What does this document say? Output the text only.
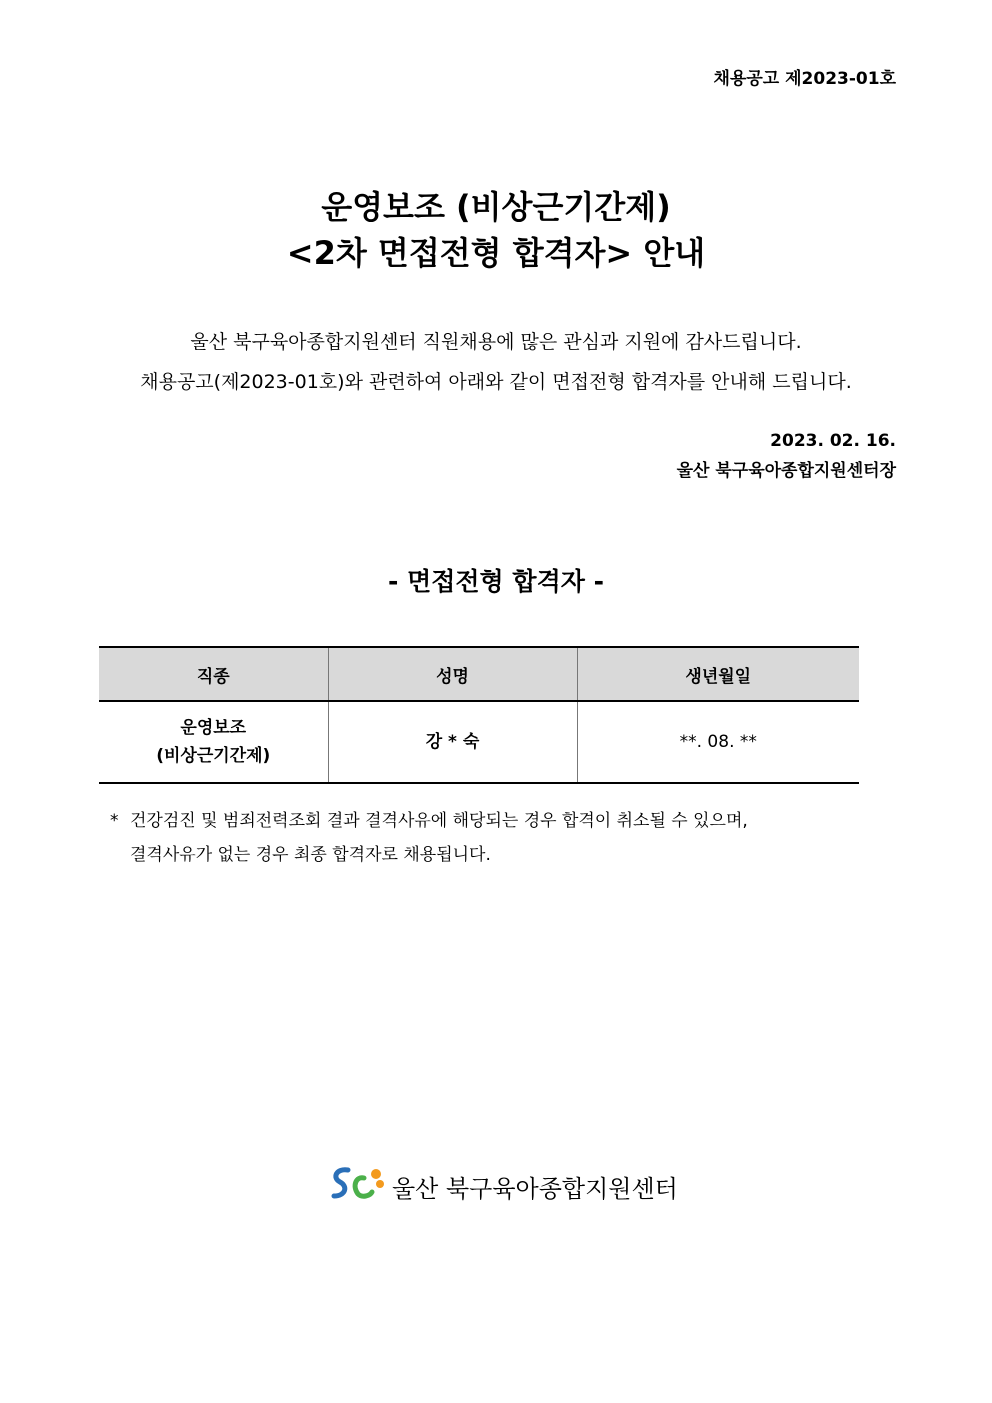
채용공고 제2023-01호
운영보조 (비상근기간제)
<2차 면접전형 합격자> 안내
울산 북구육아종합지원센터 직원채용에 많은 관심과 지원에 감사드립니다.
채용공고(제2023-01호)와 관련하여 아래와 같이 면접전형 합격자를 안내해 드립니다.
2023. 02. 16.
울산 북구육아종합지원센터장
- 면접전형 합격자 -
직종	성명	생년월일

운영보조
(비상근기간제)	강 * 숙	**. 08. **
* 건강검진 및 범죄전력조회 결과 결격사유에 해당되는 경우 합격이 취소될 수 있으며,
결격사유가 없는 경우 최종 합격자로 채용됩니다.
울산 북구육아종합지원센터
